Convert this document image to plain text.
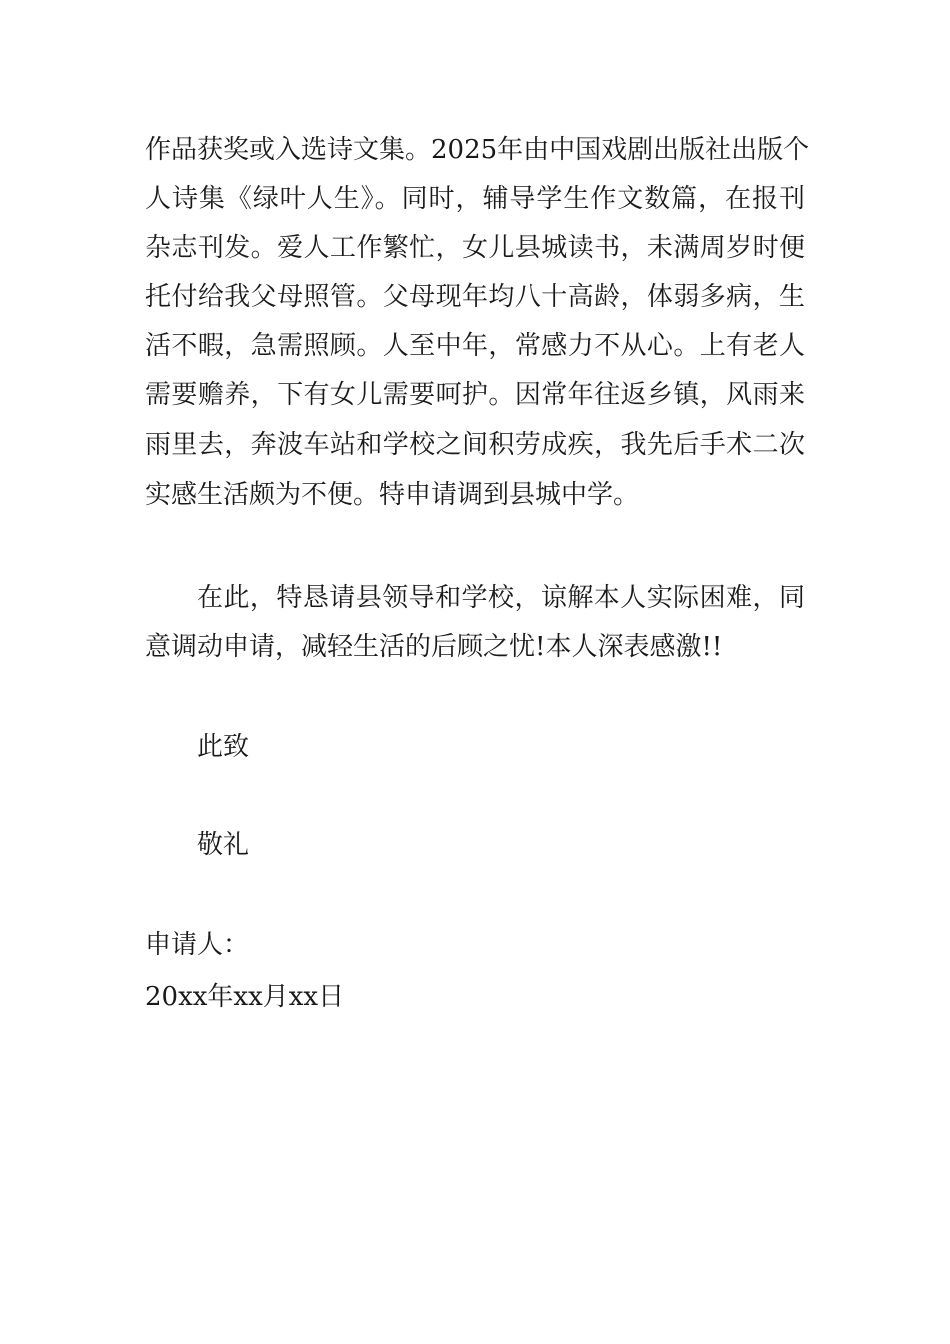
作品获奖或入选诗文集。2025年由中国戏剧出版社出版个
人诗集《绿叶人生》。同时，辅导学生作文数篇，在报刊
杂志刊发。爱人工作繁忙，女儿县城读书，未满周岁时便
托付给我父母照管。父母现年均八十高龄，体弱多病，生
活不暇，急需照顾。人至中年，常感力不从心。上有老人
需要赡养，下有女儿需要呵护。因常年往返乡镇，风雨来
雨里去，奔波车站和学校之间积劳成疾，我先后手术二次
实感生活颇为不便。特申请调到县城中学。
在此，特恳请县领导和学校，谅解本人实际困难，同
意调动申请，减轻生活的后顾之忧!本人深表感激!!
此致
敬礼
申请人：
20xx年xx月xx日
